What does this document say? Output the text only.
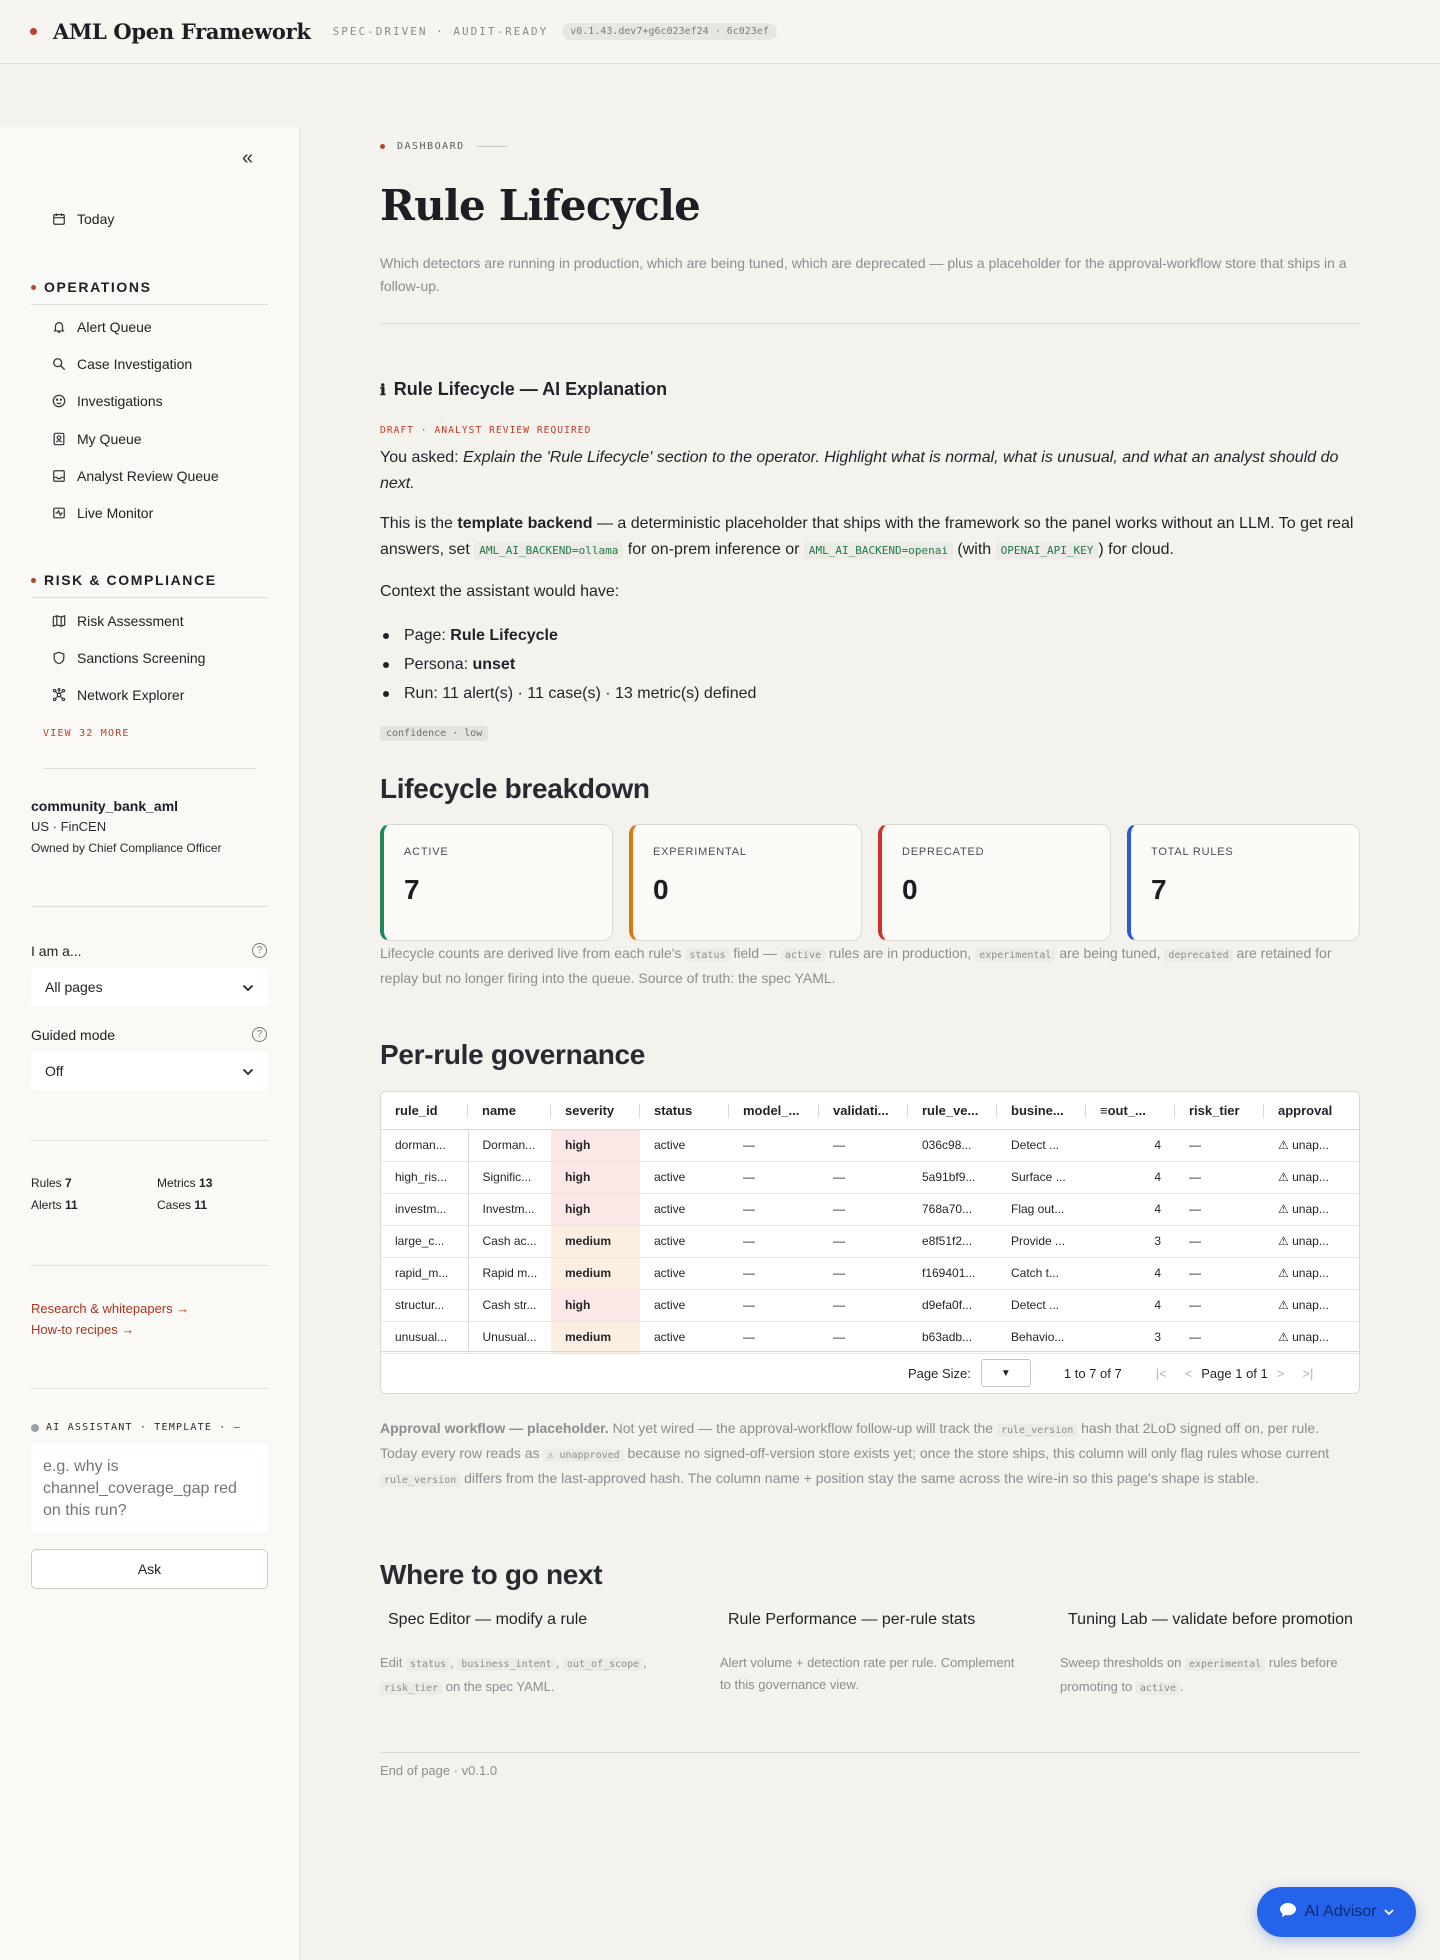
AML Open Framework SPEC-DRIVEN · AUDIT-READY	v0.1.43.dev7+g6c023ef24 · 6c023ef
«
Today
OPERATIONS
Alert Queue
Case Investigation
Investigations
My Queue
Analyst Review Queue
Live Monitor
RISK & COMPLIANCE
Risk Assessment
Sanctions Screening
Network Explorer
VIEW 32 MORE
community_bank_aml
US · FinCEN
Owned by Chief Compliance Officer
I am a...	?
All pages
Guided mode	?
Off
Rules 7	Metrics 13
Alerts 11	Cases 11
Research & whitepapers →
How-to recipes →
AI ASSISTANT · TEMPLATE · —
e.g. why is channel_coverage_gap red on this run?
Ask
DASHBOARD
Rule Lifecycle

Which detectors are running in production, which are being tuned, which are deprecated — plus a placeholder for the approval-workflow store that ships in a follow-up.

ℹ Rule Lifecycle — AI Explanation
DRAFT · ANALYST REVIEW REQUIRED

You asked: Explain the 'Rule Lifecycle' section to the operator. Highlight what is normal, what is unusual, and what an analyst should do next.

This is the template backend — a deterministic placeholder that ships with the framework so the panel works without an LLM. To get real answers, set AML_AI_BACKEND=ollama for on-prem inference or AML_AI_BACKEND=openai (with OPENAI_API_KEY ) for cloud.

Context the assistant would have:

Page: Rule Lifecycle
Persona: unset
Run: 11 alert(s) · 11 case(s) · 13 metric(s) defined
confidence · low
Lifecycle breakdown
ACTIVE
7
EXPERIMENTAL
0
DEPRECATED
0
TOTAL RULES
7

Lifecycle counts are derived live from each rule's status field — active rules are in production, experimental are being tuned, deprecated are retained for replay but no longer firing into the queue. Source of truth: the spec YAML.

Per-rule governance
rule_id	name	severity	status	model_...	validati...	rule_ve...	busine...	≡out_...	risk_tier	approval
dorman...	Dorman...	high	active	—	—	036c98...	Detect ...	4	—	⚠ unap...
high_ris...	Signific...	high	active	—	—	5a91bf9...	Surface ...	4	—	⚠ unap...
investm...	Investm...	high	active	—	—	768a70...	Flag out...	4	—	⚠ unap...
large_c...	Cash ac...	medium	active	—	—	e8f51f2...	Provide ...	3	—	⚠ unap...
rapid_m...	Rapid m...	medium	active	—	—	f169401...	Catch t...	4	—	⚠ unap...
structur...	Cash str...	high	active	—	—	d9efa0f...	Detect ...	4	—	⚠ unap...
unusual...	Unusual...	medium	active	—	—	b63adb...	Behavio...	3	—	⚠ unap...
Page Size:	▼	1 to 7 of 7	|< < Page 1 of 1 > >|

Approval workflow — placeholder. Not yet wired — the approval-workflow follow-up will track the rule_version hash that 2LoD signed off on, per rule. Today every row reads as ⚠ unapproved because no signed-off-version store exists yet; once the store ships, this column will only flag rules whose current rule_version differs from the last-approved hash. The column name + position stay the same across the wire-in so this page's shape is stable.

Where to go next
Spec Editor — modify a rule
Edit status , business_intent , out_of_scope , risk_tier on the spec YAML.
Rule Performance — per-rule stats
Alert volume + detection rate per rule. Complement to this governance view.
Tuning Lab — validate before promotion
Sweep thresholds on experimental rules before promoting to active .
End of page · v0.1.0
AI Advisor
